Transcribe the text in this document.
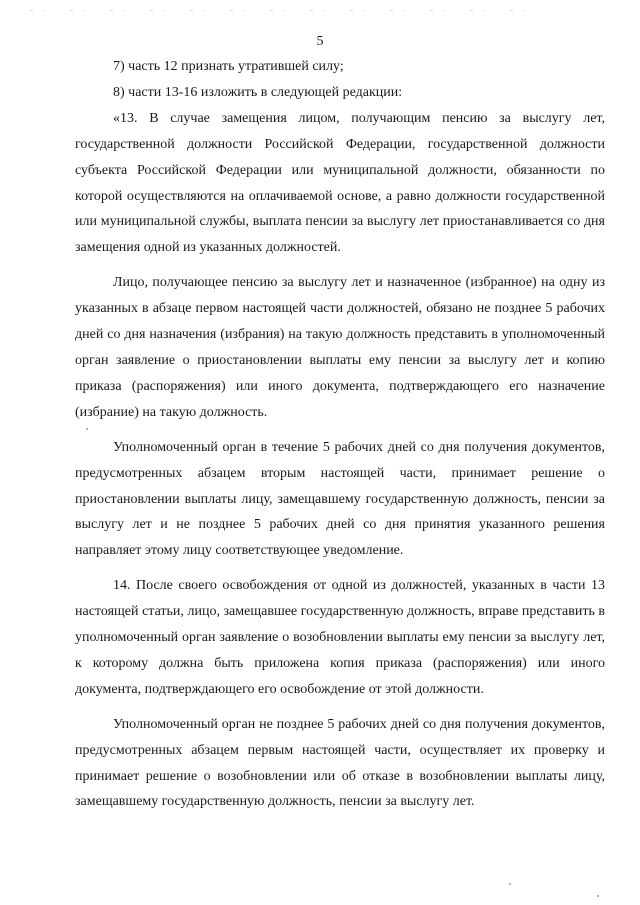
5

7) часть 12 признать утратившей силу;

8) части 13-16 изложить в следующей редакции:

«13. В случае замещения лицом, получающим пенсию за выслугу лет, государственной должности Российской Федерации, государственной должности субъекта Российской Федерации или муниципальной должности, обязанности по которой осуществляются на оплачиваемой основе, а равно должности государственной или муниципальной службы, выплата пенсии за выслугу лет приостанавливается со дня замещения одной из указанных должностей.

Лицо, получающее пенсию за выслугу лет и назначенное (избранное) на одну из указанных в абзаце первом настоящей части должностей, обязано не позднее 5 рабочих дней со дня назначения (избрания) на такую должность представить в уполномоченный орган заявление о приостановлении выплаты ему пенсии за выслугу лет и копию приказа (распоряжения) или иного документа, подтверждающего его назначение (избрание) на такую должность.

Уполномоченный орган в течение 5 рабочих дней со дня получения документов, предусмотренных абзацем вторым настоящей части, принимает решение о приостановлении выплаты лицу, замещавшему государственную должность, пенсии за выслугу лет и не позднее 5 рабочих дней со дня принятия указанного решения направляет этому лицу соответствующее уведомление.

14. После своего освобождения от одной из должностей, указанных в части 13 настоящей статьи, лицо, замещавшее государственную должность, вправе представить в уполномоченный орган заявление о возобновлении выплаты ему пенсии за выслугу лет, к которому должна быть приложена копия приказа (распоряжения) или иного документа, подтверждающего его освобождение от этой должности.

Уполномоченный орган не позднее 5 рабочих дней со дня получения документов, предусмотренных абзацем первым настоящей части, осуществляет их проверку и принимает решение о возобновлении или об отказе в возобновлении выплаты лицу, замещавшему государственную должность, пенсии за выслугу лет.
